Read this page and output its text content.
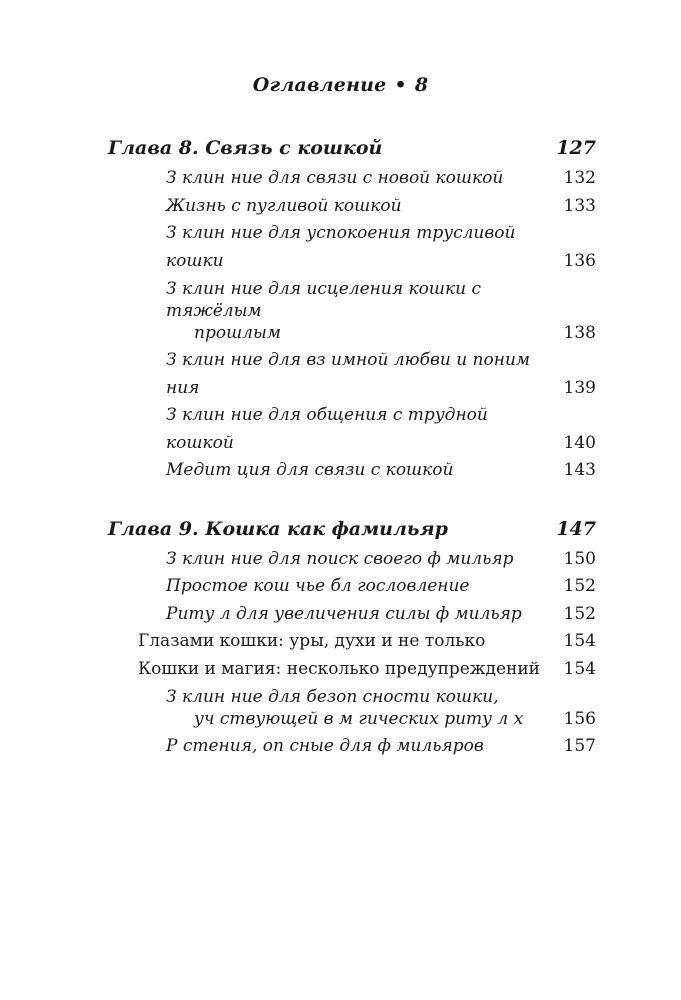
Оглавление • 8
Глава 8. Связь с кошкой	127
З клин ние для связи с новой кошкой	132
Жизнь с пугливой кошкой	133
З клин ние для успокоения трусливой кошки	136
З клин ние для исцеления кошки с тяжёлым
прошлым	138
З клин ние для вз имной любви и поним ния	139
З клин ние для общения с трудной кошкой	140
Медит ция для связи с кошкой	143
Глава 9. Кошка как фамильяр	147
З клин ние для поиск своего ф мильяр	150
Простое кош чье бл гословление	152
Риту л для увеличения силы ф мильяр	152
Глазами кошки: уры, духи и не только	154
Кошки и магия: несколько предупреждений	154
З клин ние для безоп сности кошки,
уч ствующей в м гических риту л х	156
Р стения, оп сные для ф мильяров	157
